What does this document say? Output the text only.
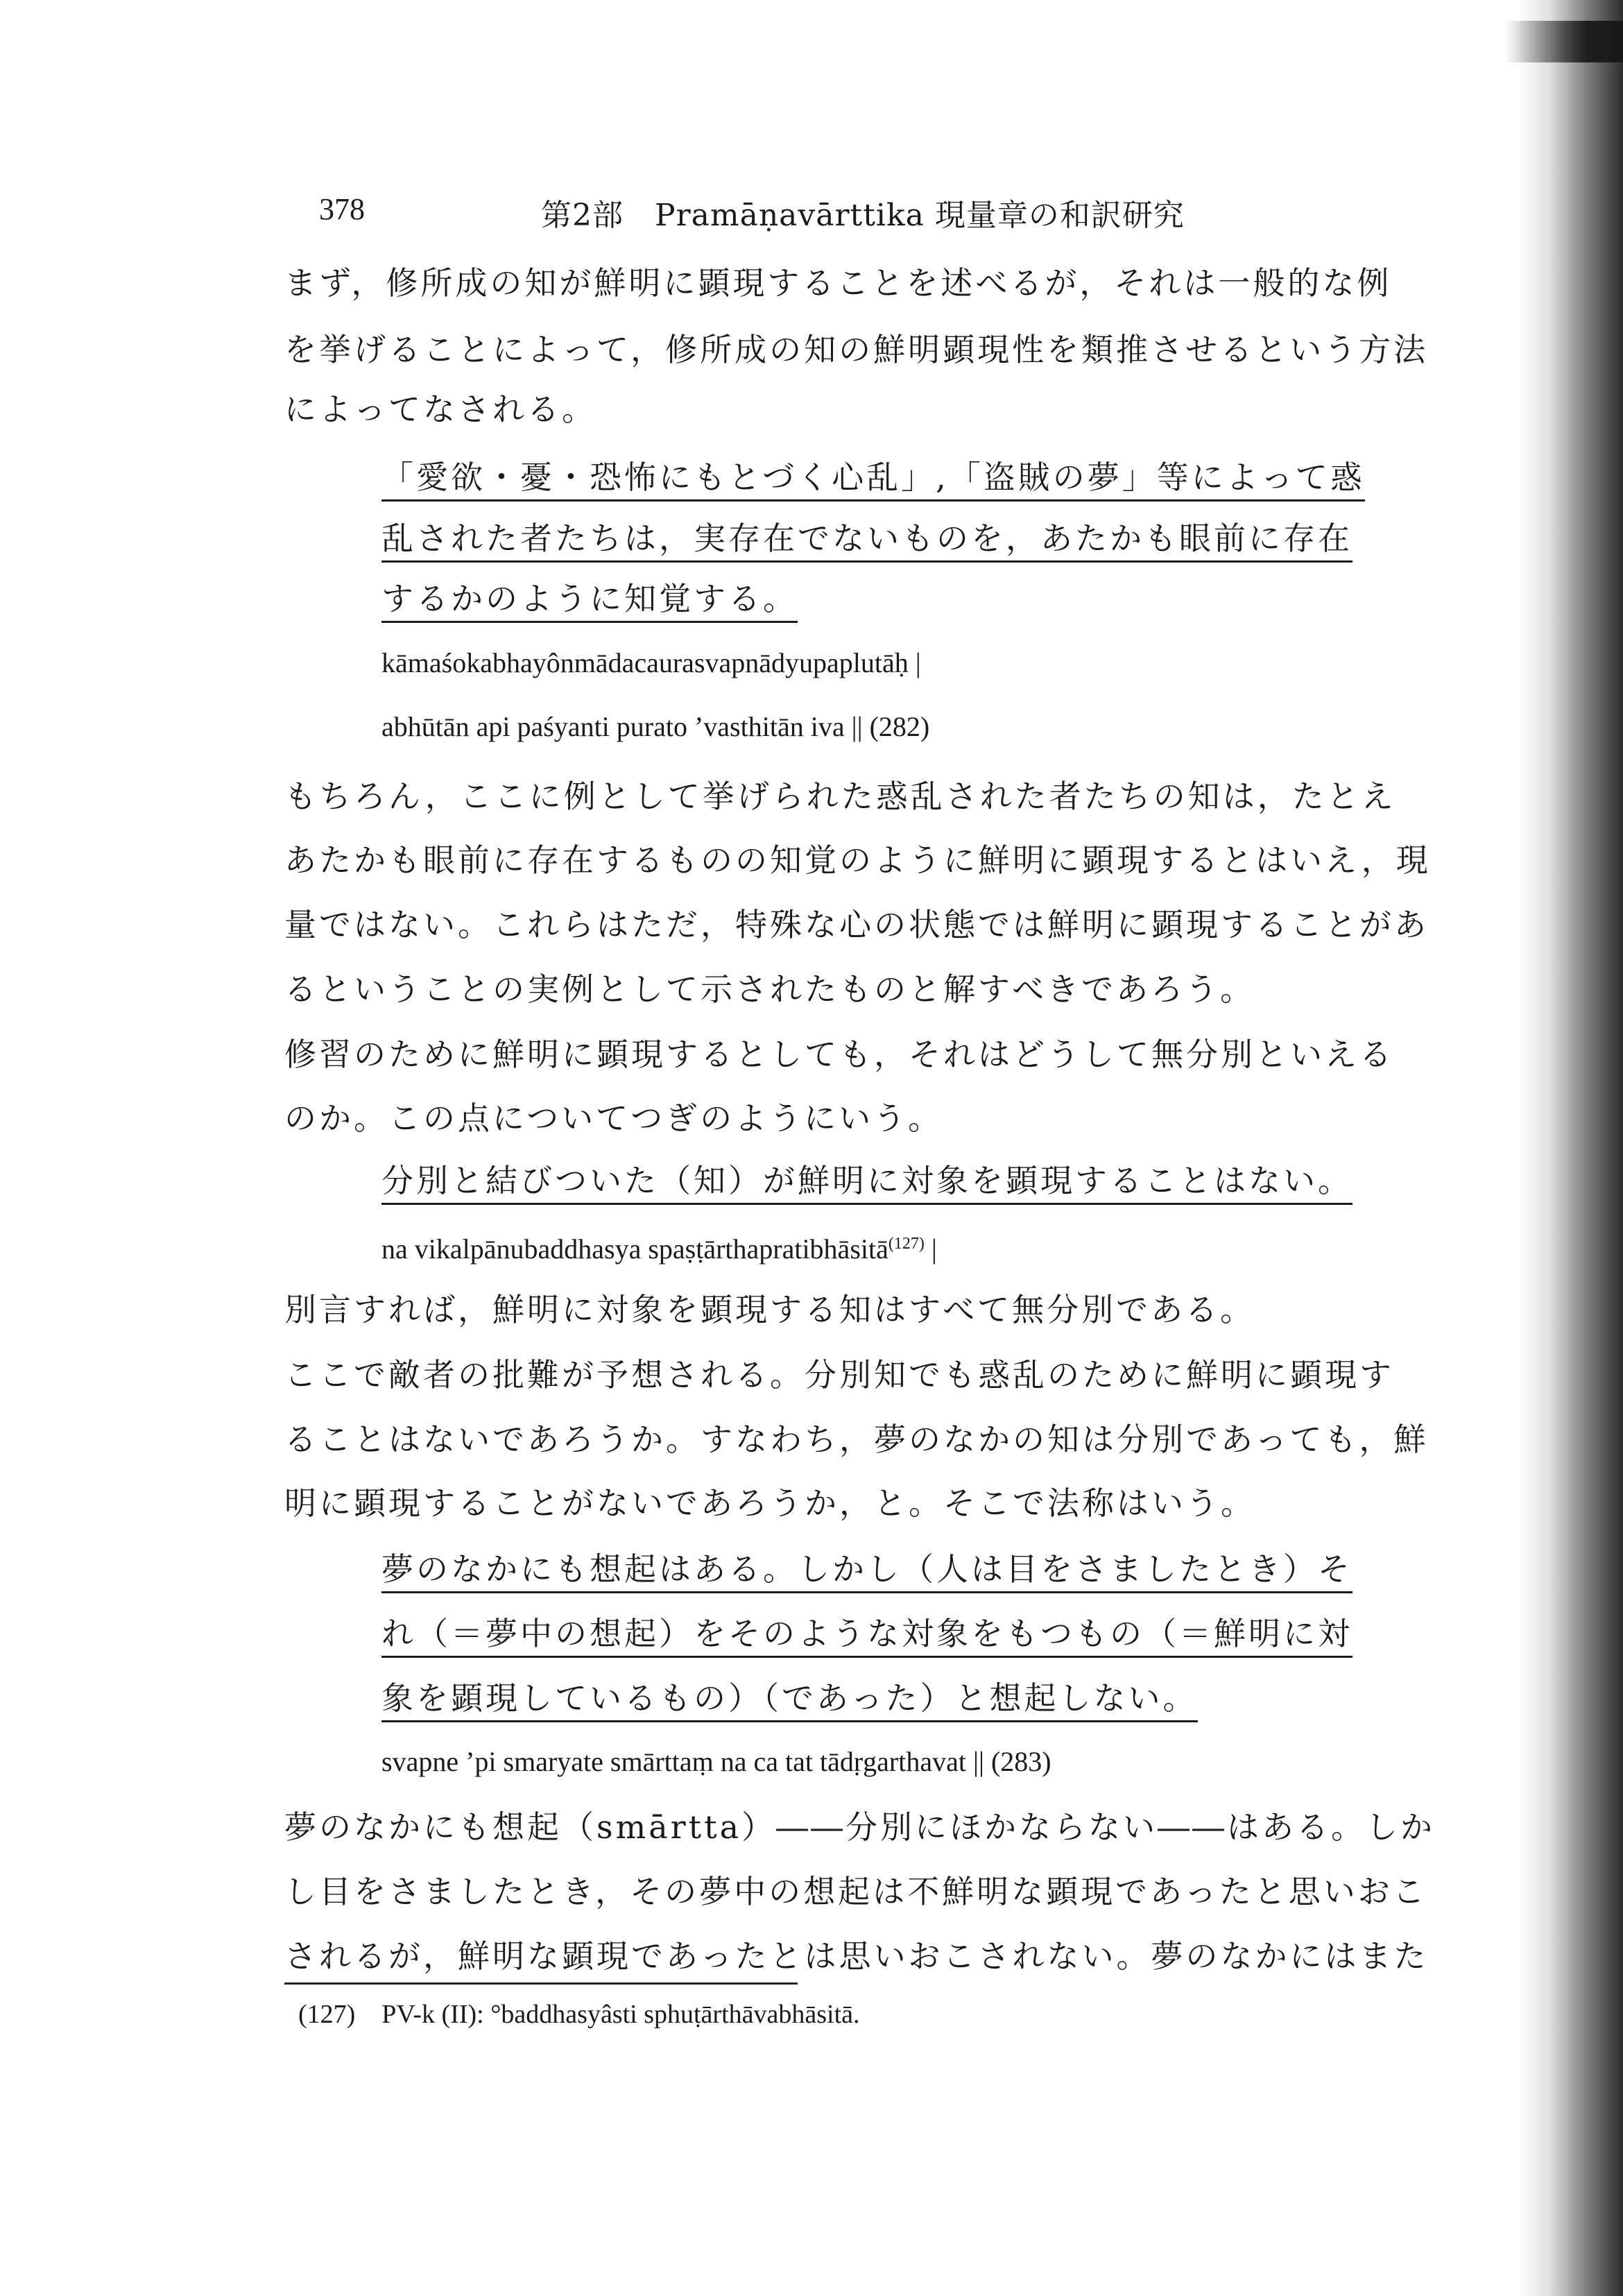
378	第2部　Pramāṇavārttika 現量章の和訳研究
まず，修所成の知が鮮明に顕現することを述べるが，それは一般的な例
を挙げることによって，修所成の知の鮮明顕現性を類推させるという方法
によってなされる。
「愛欲・憂・恐怖にもとづく心乱」,「盗賊の夢」等によって惑
乱された者たちは，実存在でないものを，あたかも眼前に存在
するかのように知覚する。
kāmaśokabhayônmādacaurasvapnādyupaplutāḥ |
abhūtān api paśyanti purato ’vasthitān iva || (282)
もちろん，ここに例として挙げられた惑乱された者たちの知は，たとえ
あたかも眼前に存在するものの知覚のように鮮明に顕現するとはいえ，現
量ではない。これらはただ，特殊な心の状態では鮮明に顕現することがあ
るということの実例として示されたものと解すべきであろう。
修習のために鮮明に顕現するとしても，それはどうして無分別といえる
のか。この点についてつぎのようにいう。
分別と結びついた（知）が鮮明に対象を顕現することはない。
na vikalpānubaddhasya spaṣṭārthapratibhāsitā$^{(127)}$ |
別言すれば，鮮明に対象を顕現する知はすべて無分別である。
ここで敵者の批難が予想される。分別知でも惑乱のために鮮明に顕現す
ることはないであろうか。すなわち，夢のなかの知は分別であっても，鮮
明に顕現することがないであろうか，と。そこで法称はいう。
夢のなかにも想起はある。しかし（人は目をさましたとき）そ
れ（＝夢中の想起）をそのような対象をもつもの（＝鮮明に対
象を顕現しているもの）（であった）と想起しない。
svapne ’pi smaryate smārttaṃ na ca tat tādṛgarthavat || (283)
夢のなかにも想起（smārtta）――分別にほかならない――はある。しか
し目をさましたとき，その夢中の想起は不鮮明な顕現であったと思いおこ
されるが，鮮明な顕現であったとは思いおこされない。夢のなかにはまた
(127)　PV-k (II): °baddhasyâsti sphuṭārthāvabhāsitā.
